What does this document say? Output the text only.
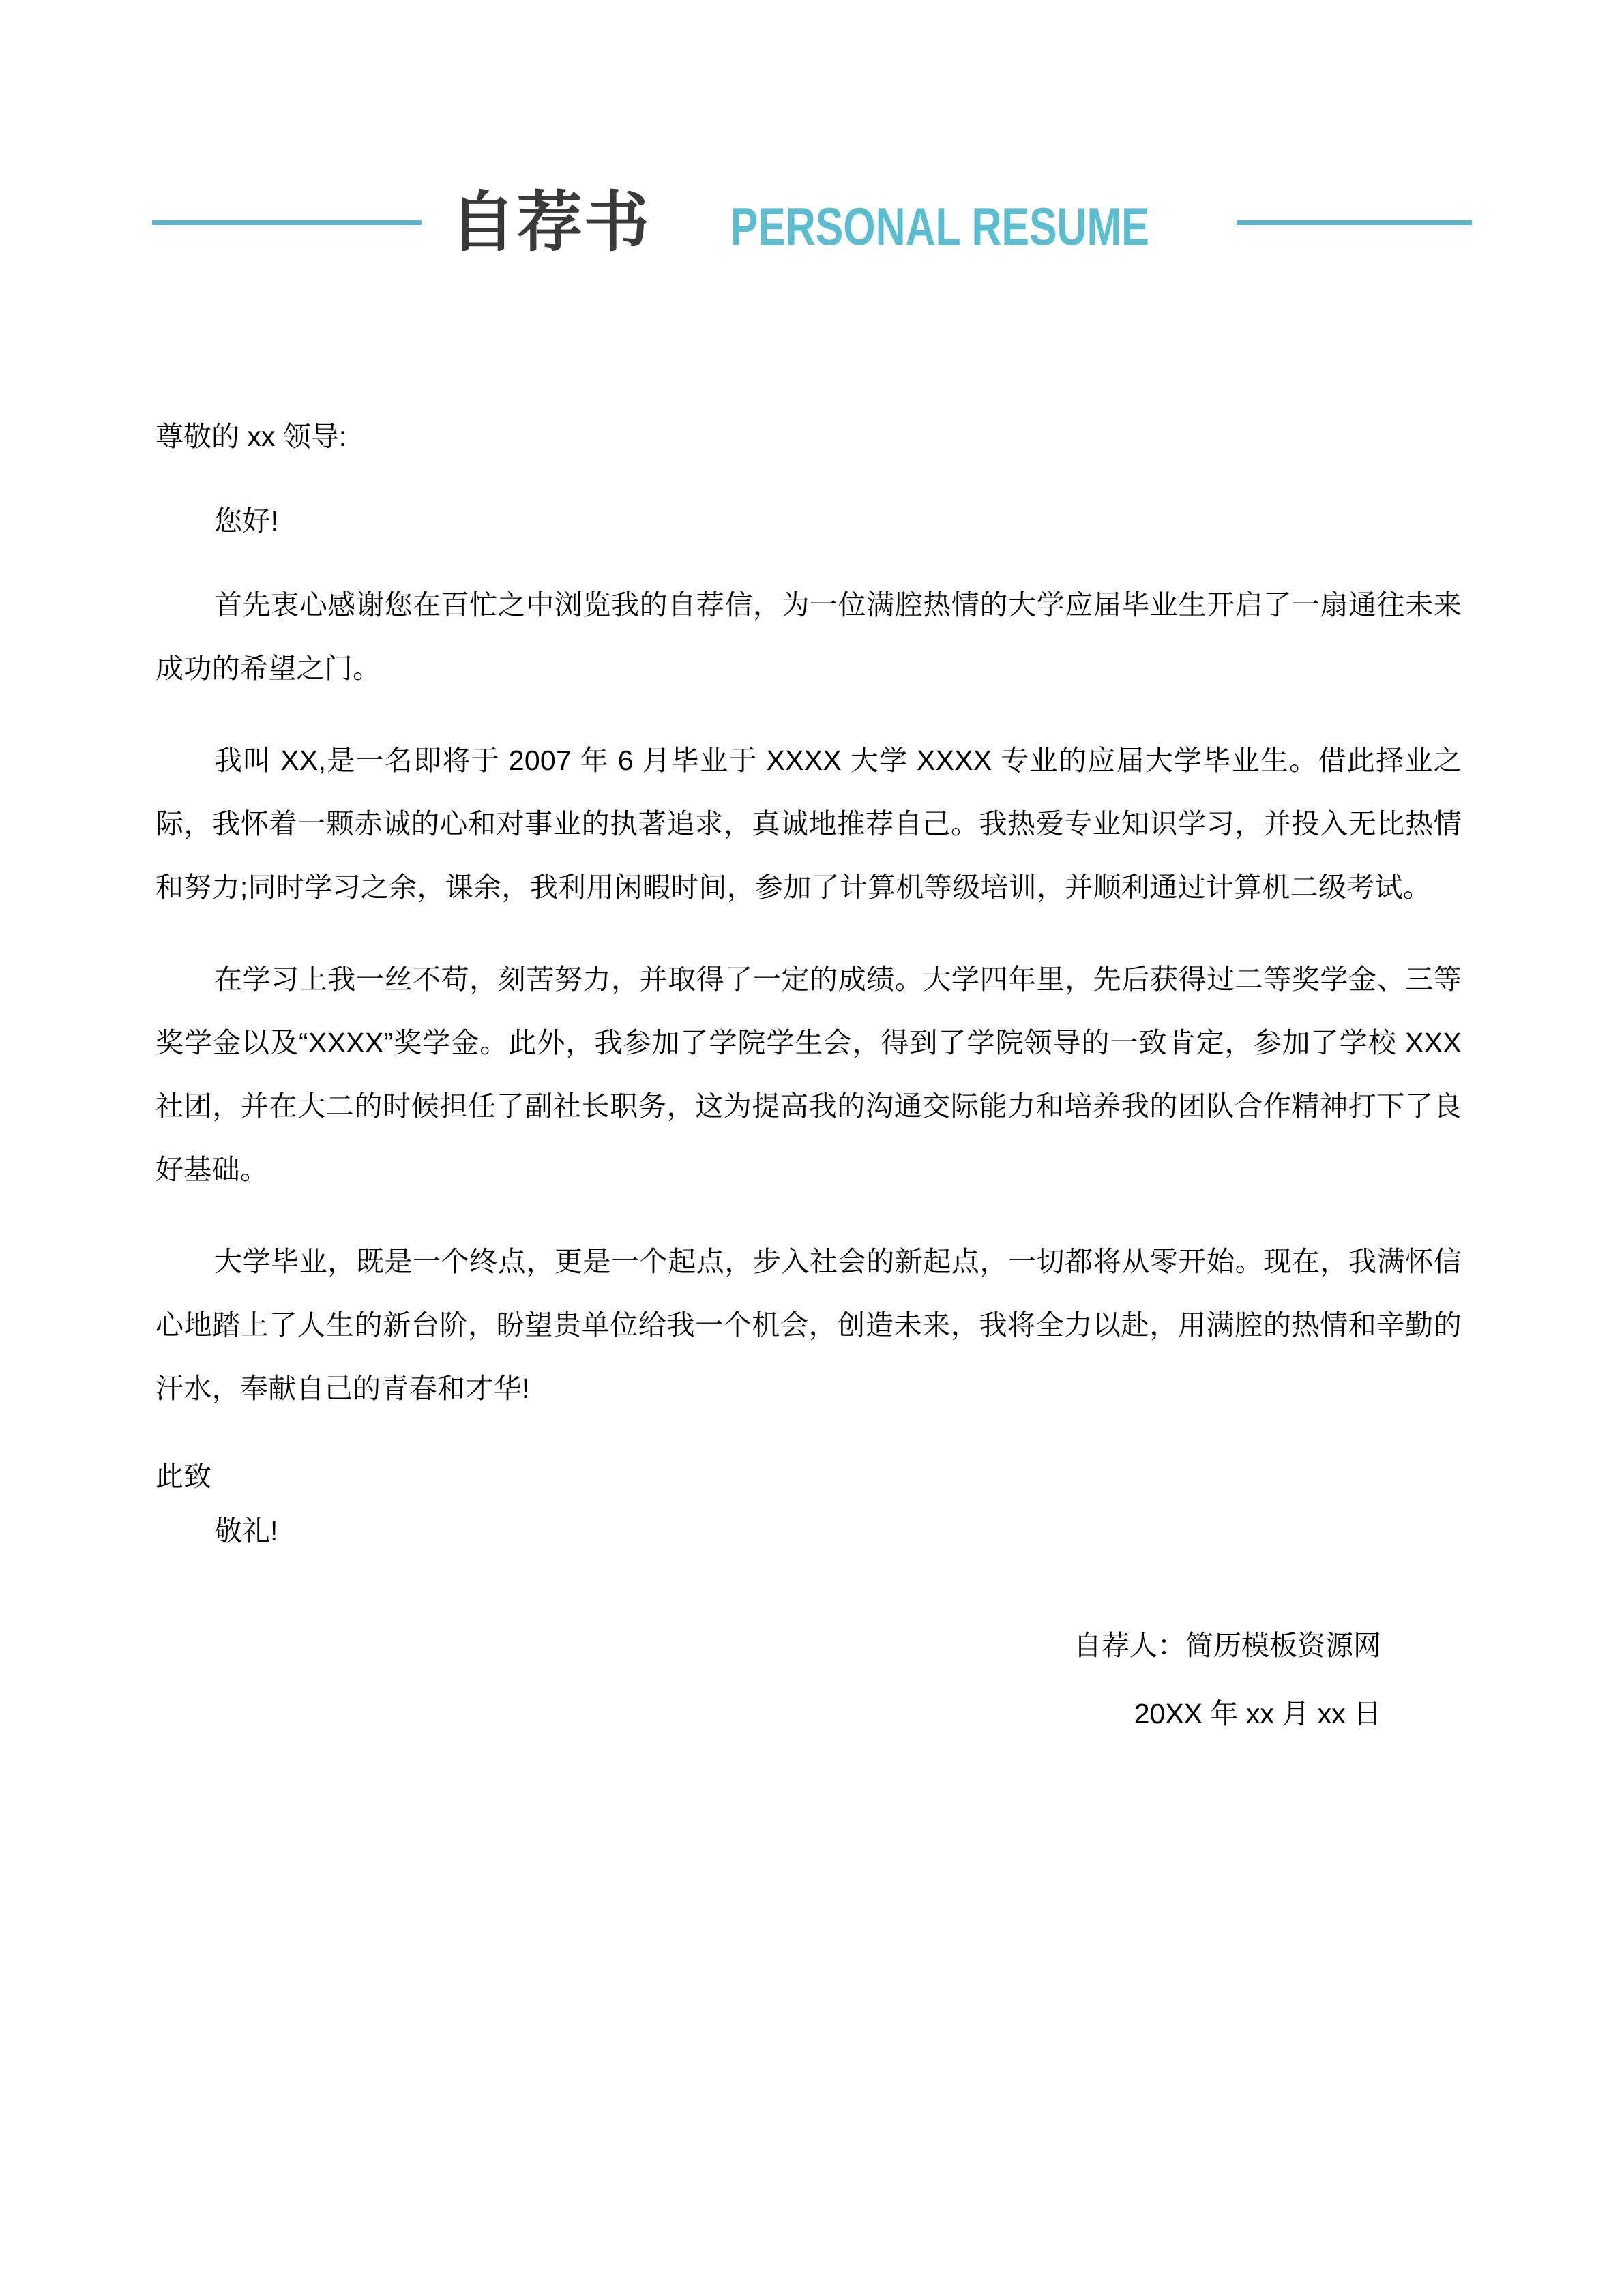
自荐书 PERSONAL RESUME
尊敬的 xx 领导:
您好!

首先衷心感谢您在百忙之中浏览我的自荐信，为一位满腔热情的大学应届毕业生开启了一扇通往未来成功的希望之门。

我叫 XX,是一名即将于 2007 年 6 月毕业于 XXXX 大学 XXXX 专业的应届大学毕业生。借此择业之际，我怀着一颗赤诚的心和对事业的执著追求，真诚地推荐自己。我热爱专业知识学习，并投入无比热情和努力;同时学习之余，课余，我利用闲暇时间，参加了计算机等级培训，并顺利通过计算机二级考试。

在学习上我一丝不苟，刻苦努力，并取得了一定的成绩。大学四年里，先后获得过二等奖学金、三等奖学金以及“XXXX”奖学金。此外，我参加了学院学生会，得到了学院领导的一致肯定，参加了学校 XXX 社团，并在大二的时候担任了副社长职务，这为提高我的沟通交际能力和培养我的团队合作精神打下了良好基础。

大学毕业，既是一个终点，更是一个起点，步入社会的新起点，一切都将从零开始。现在，我满怀信心地踏上了人生的新台阶，盼望贵单位给我一个机会，创造未来，我将全力以赴，用满腔的热情和辛勤的汗水，奉献自己的青春和才华!

此致
敬礼!
自荐人：简历模板资源网
20XX 年 xx 月 xx 日
